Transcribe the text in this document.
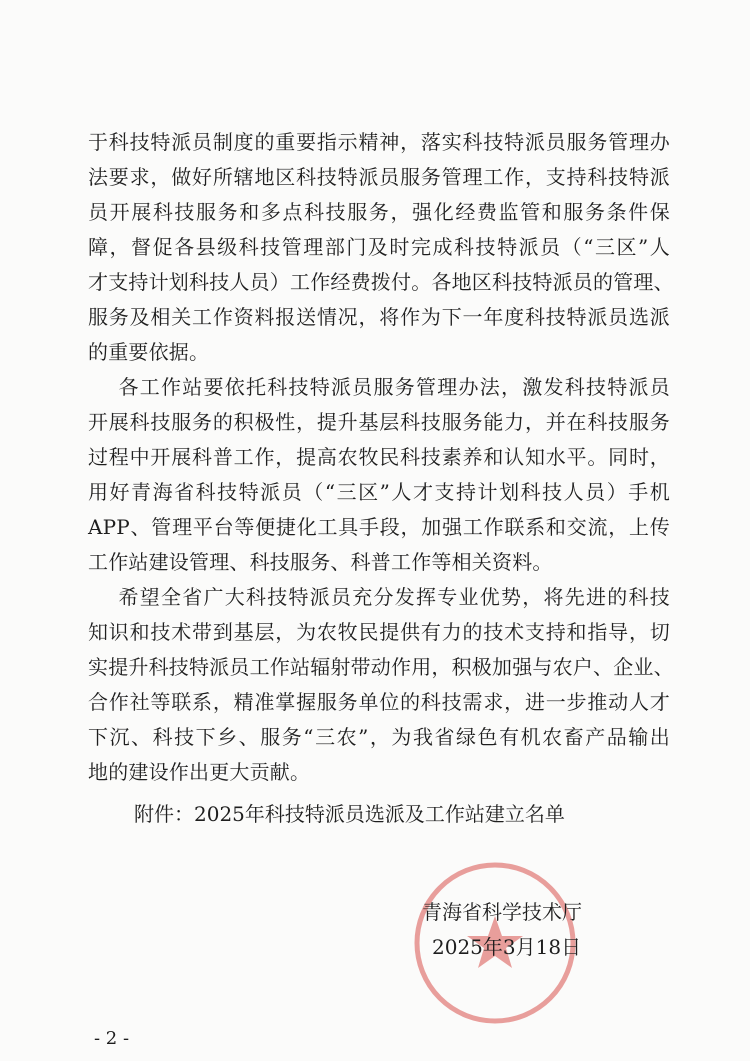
于科技特派员制度的重要指示精神，落实科技特派员服务管理办
法要求，做好所辖地区科技特派员服务管理工作，支持科技特派
员开展科技服务和多点科技服务，强化经费监管和服务条件保
障，督促各县级科技管理部门及时完成科技特派员（“三区”人
才支持计划科技人员）工作经费拨付。各地区科技特派员的管理、
服务及相关工作资料报送情况，将作为下一年度科技特派员选派
的重要依据。

各工作站要依托科技特派员服务管理办法，激发科技特派员
开展科技服务的积极性，提升基层科技服务能力，并在科技服务
过程中开展科普工作，提高农牧民科技素养和认知水平。同时，
用好青海省科技特派员（“三区”人才支持计划科技人员）手机
APP、管理平台等便捷化工具手段，加强工作联系和交流，上传
工作站建设管理、科技服务、科普工作等相关资料。

希望全省广大科技特派员充分发挥专业优势，将先进的科技
知识和技术带到基层，为农牧民提供有力的技术支持和指导，切
实提升科技特派员工作站辐射带动作用，积极加强与农户、企业、
合作社等联系，精准掌握服务单位的科技需求，进一步推动人才
下沉、科技下乡、服务“三农”，为我省绿色有机农畜产品输出
地的建设作出更大贡献。

附件：2025年科技特派员选派及工作站建立名单
青海省科学技术厅
2025年3月18日
- 2 -
